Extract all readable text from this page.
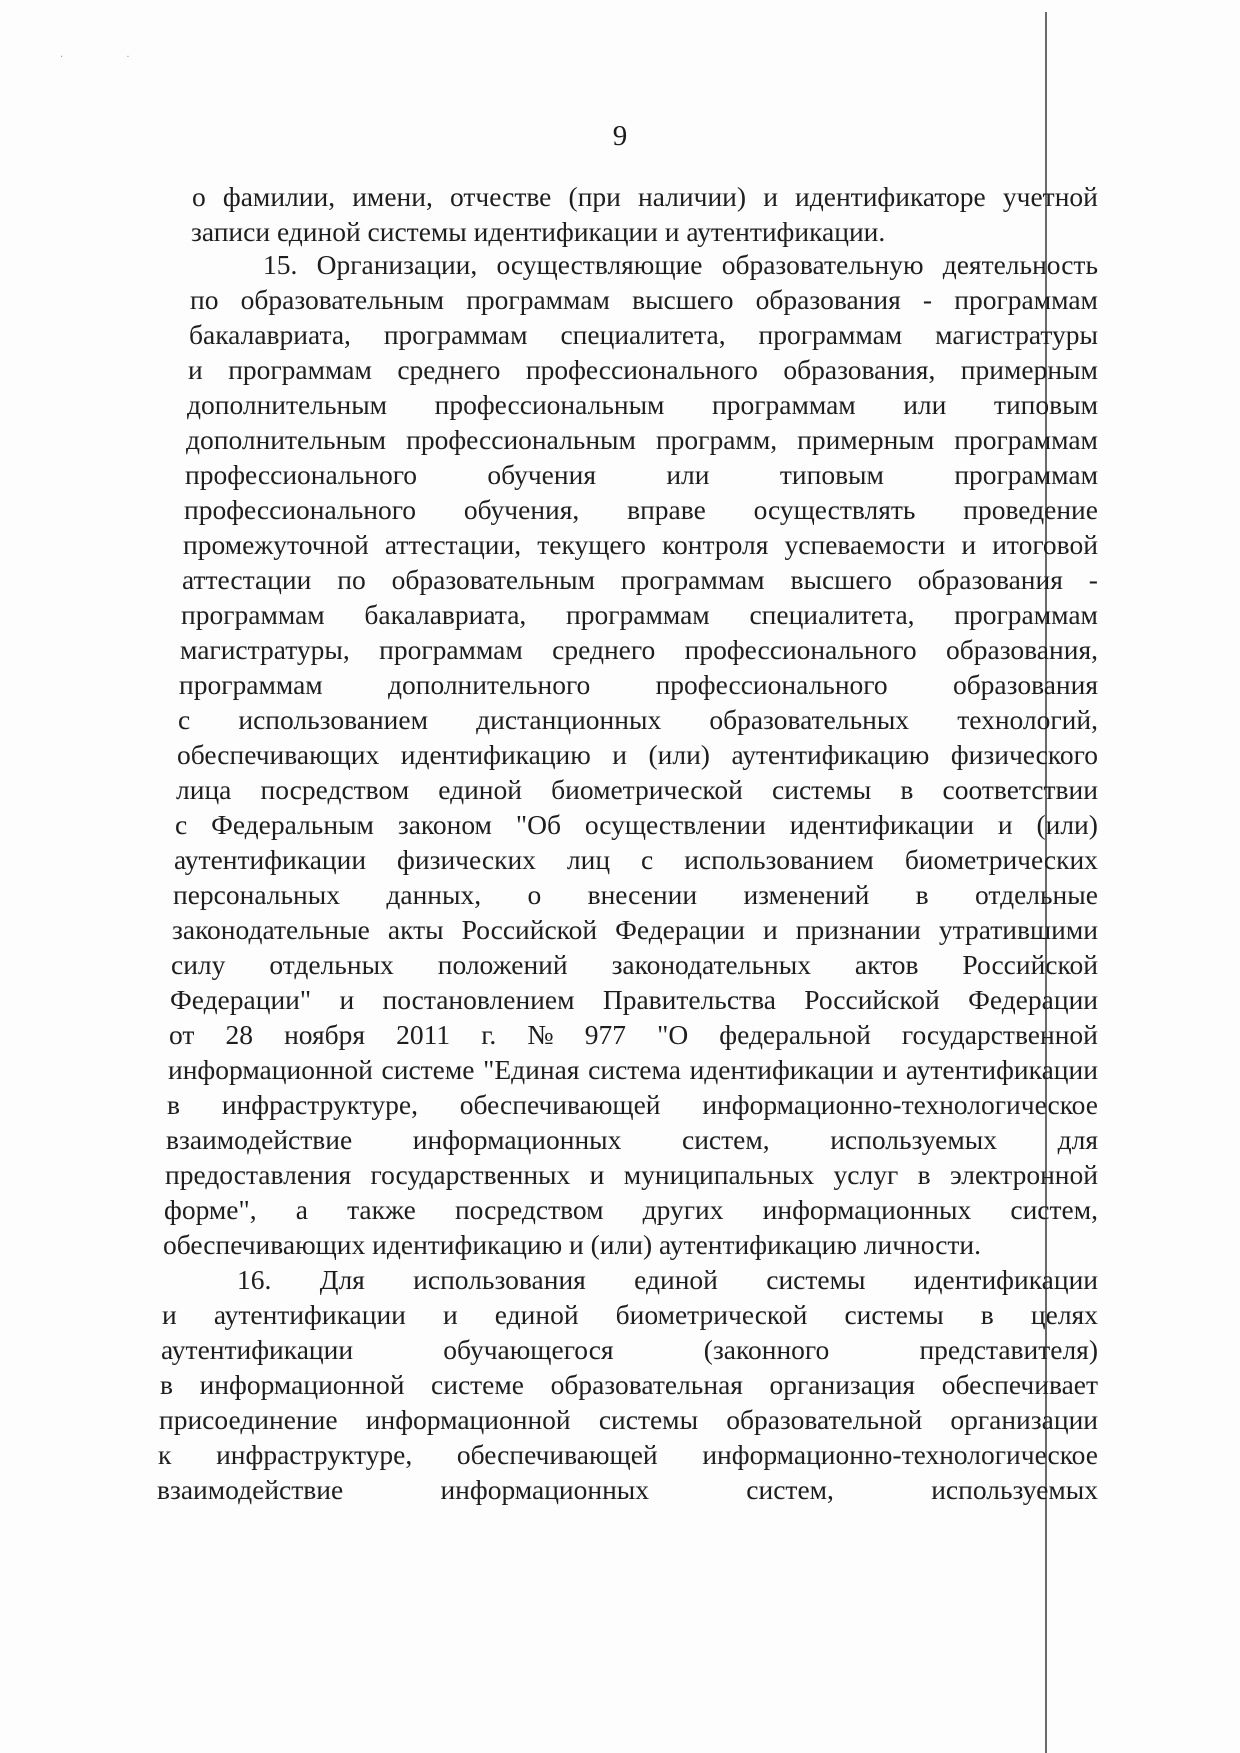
· ·
9
о фамилии, имени, отчестве (при наличии) и идентификаторе учетной
записи единой системы идентификации и аутентификации.
15. Организации, осуществляющие образовательную деятельность
по образовательным программам высшего образования - программам
бакалавриата, программам специалитета, программам магистратуры
и программам среднего профессионального образования, примерным
дополнительным профессиональным программам или типовым
дополнительным профессиональным программ, примерным программам
профессионального	обучения	или	типовым	программам
профессионального обучения, вправе осуществлять проведение
промежуточной аттестации, текущего контроля успеваемости и итоговой
аттестации по образовательным программам высшего образования -
программам бакалавриата, программам специалитета, программам
магистратуры, программам среднего профессионального образования,
программам дополнительного профессионального образования
с использованием дистанционных образовательных технологий,
обеспечивающих идентификацию и (или) аутентификацию физического
лица посредством единой биометрической системы в соответствии
с Федеральным законом "Об осуществлении идентификации и (или)
аутентификации физических лиц с использованием биометрических
персональных данных, о внесении изменений в отдельные
законодательные акты Российской Федерации и признании утратившими
силу отдельных положений законодательных актов Российской
Федерации" и постановлением Правительства Российской Федерации
от 28 ноября 2011 г. № 977 "О федеральной государственной
информационной системе "Единая система идентификации и аутентификации
в инфраструктуре, обеспечивающей информационно-технологическое
взаимодействие информационных систем, используемых для
предоставления государственных и муниципальных услуг в электронной
форме", а также посредством других информационных систем,
обеспечивающих идентификацию и (или) аутентификацию личности.
16. Для использования единой системы идентификации
и аутентификации и единой биометрической системы в целях
аутентификации	обучающегося	(законного	представителя)
в информационной системе образовательная организация обеспечивает
присоединение информационной системы образовательной организации
к инфраструктуре, обеспечивающей информационно-технологическое
взаимодействие	информационных	систем,	используемых
